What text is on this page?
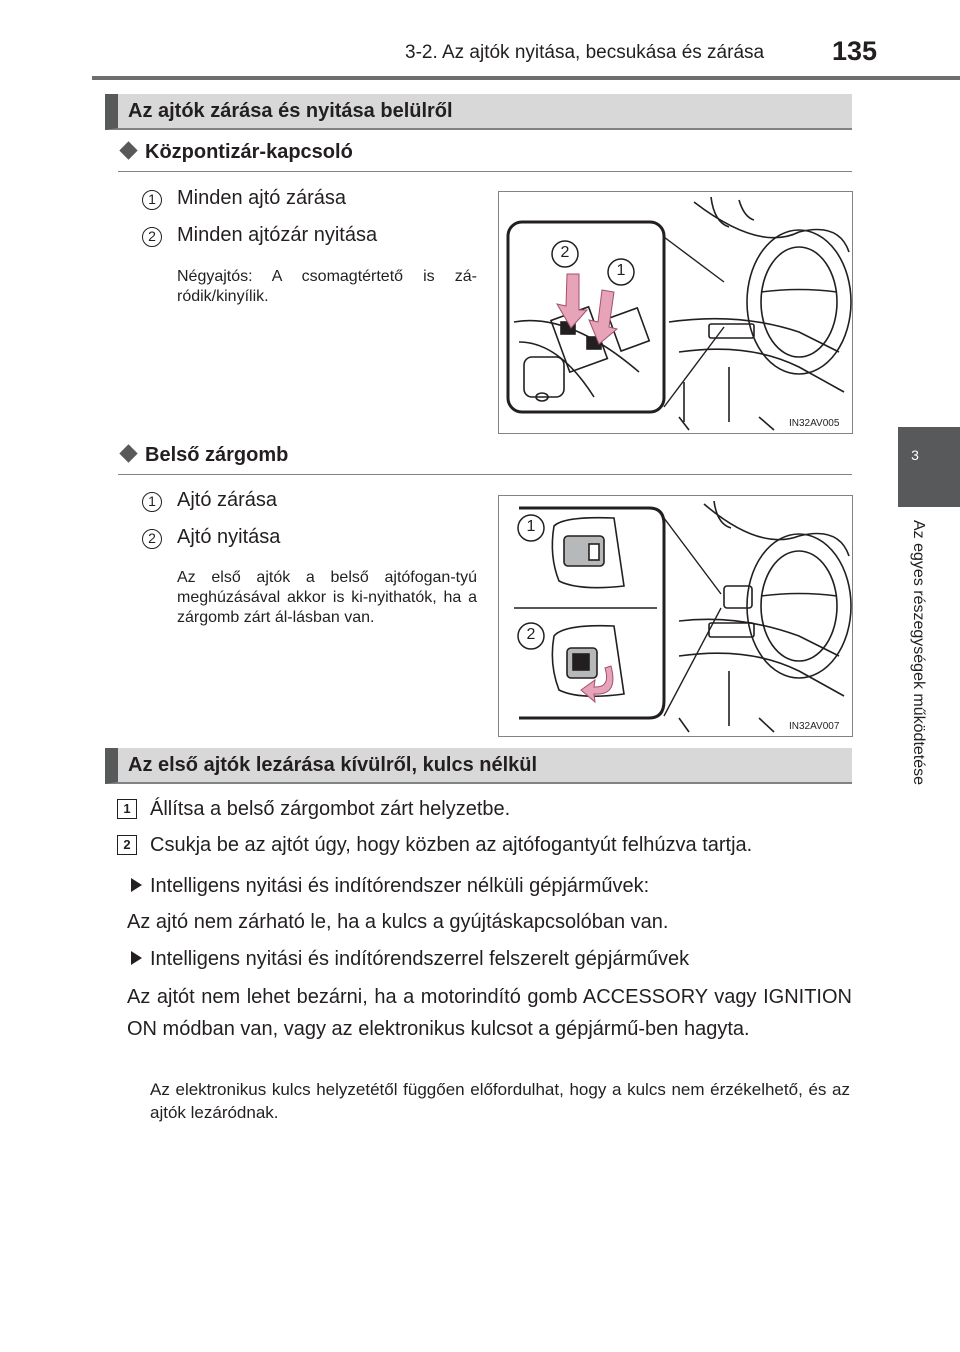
3-2. Az ajtók nyitása, becsukása és zárása	135
3
Az egyes részegységek működtetése
Az ajtók zárása és nyitása belülről
Központizár-kapcsoló
1	Minden ajtó zárása
2	Minden ajtózár nyitása
Négyajtós: A csomagtértető is zá-ródik/kinyílik.
2
1
IN32AV005
Belső zárgomb
1	Ajtó zárása
2	Ajtó nyitása
Az első ajtók a belső ajtófogan-tyú meghúzásával akkor is ki-nyithatók, ha a zárgomb zárt ál-lásban van.
1
2
IN32AV007
Az első ajtók lezárása kívülről, kulcs nélkül
1 Állítsa a belső zárgombot zárt helyzetbe.
2 Csukja be az ajtót úgy, hogy közben az ajtófogantyút felhúzva tartja.
Intelligens nyitási és indítórendszer nélküli gépjárművek:
Az ajtó nem zárható le, ha a kulcs a gyújtáskapcsolóban van.
Intelligens nyitási és indítórendszerrel felszerelt gépjárművek
Az ajtót nem lehet bezárni, ha a motorindító gomb ACCESSORY vagy IGNITION ON módban van, vagy az elektronikus kulcsot a gépjármű-ben hagyta.
Az elektronikus kulcs helyzetétől függően előfordulhat, hogy a kulcs nem érzékelhető, és az ajtók lezáródnak.
